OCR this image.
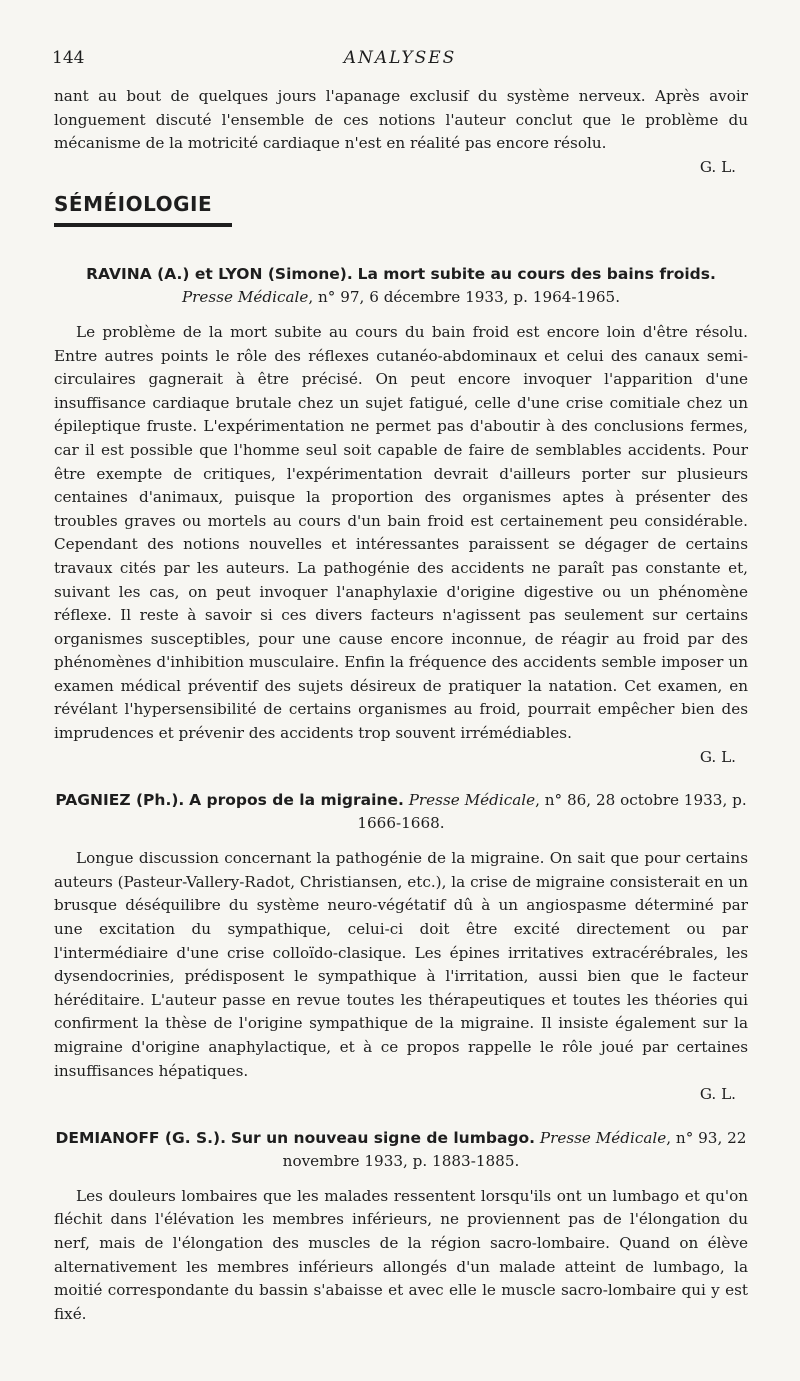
144	ANALYSES

nant au bout de quelques jours l'apanage exclusif du système nerveux. Après avoir longuement discuté l'ensemble de ces notions l'auteur conclut que le problème du mécanisme de la motricité cardiaque n'est en réalité pas encore résolu.

G. L.

SÉMÉIOLOGIE

RAVINA (A.) et LYON (Simone). La mort subite au cours des bains froids.
Presse Médicale, n° 97, 6 décembre 1933, p. 1964-1965.

Le problème de la mort subite au cours du bain froid est encore loin d'être résolu. Entre autres points le rôle des réflexes cutanéo-abdominaux et celui des canaux semi-circulaires gagnerait à être précisé. On peut encore invoquer l'apparition d'une insuffisance cardiaque brutale chez un sujet fatigué, celle d'une crise comitiale chez un épileptique fruste. L'expérimentation ne permet pas d'aboutir à des conclusions fermes, car il est possible que l'homme seul soit capable de faire de semblables accidents. Pour être exempte de critiques, l'expérimentation devrait d'ailleurs porter sur plusieurs centaines d'animaux, puisque la proportion des organismes aptes à présenter des troubles graves ou mortels au cours d'un bain froid est certainement peu considérable. Cependant des notions nouvelles et intéressantes paraissent se dégager de certains travaux cités par les auteurs. La pathogénie des accidents ne paraît pas constante et, suivant les cas, on peut invoquer l'anaphylaxie d'origine digestive ou un phénomène réflexe. Il reste à savoir si ces divers facteurs n'agissent pas seulement sur certains organismes susceptibles, pour une cause encore inconnue, de réagir au froid par des phénomènes d'inhibition musculaire. Enfin la fréquence des accidents semble imposer un examen médical préventif des sujets désireux de pratiquer la natation. Cet examen, en révélant l'hypersensibilité de certains organismes au froid, pourrait empêcher bien des imprudences et prévenir des accidents trop souvent irrémédiables.

G. L.

PAGNIEZ (Ph.). A propos de la migraine. Presse Médicale, n° 86, 28 octobre 1933, p. 1666-1668.

Longue discussion concernant la pathogénie de la migraine. On sait que pour certains auteurs (Pasteur-Vallery-Radot, Christiansen, etc.), la crise de migraine consisterait en un brusque déséquilibre du système neuro-végétatif dû à un angiospasme déterminé par une excitation du sympathique, celui-ci doit être excité directement ou par l'intermédiaire d'une crise colloïdo-clasique. Les épines irritatives extracérébrales, les dysendocrinies, prédisposent le sympathique à l'irritation, aussi bien que le facteur héréditaire. L'auteur passe en revue toutes les thérapeutiques et toutes les théories qui confirment la thèse de l'origine sympathique de la migraine. Il insiste également sur la migraine d'origine anaphylactique, et à ce propos rappelle le rôle joué par certaines insuffisances hépatiques.

G. L.

DEMIANOFF (G. S.). Sur un nouveau signe de lumbago. Presse Médicale, n° 93, 22 novembre 1933, p. 1883-1885.

Les douleurs lombaires que les malades ressentent lorsqu'ils ont un lumbago et qu'on fléchit dans l'élévation les membres inférieurs, ne proviennent pas de l'élongation du nerf, mais de l'élongation des muscles de la région sacro-lombaire. Quand on élève alternativement les membres inférieurs allongés d'un malade atteint de lumbago, la moitié correspondante du bassin s'abaisse et avec elle le muscle sacro-lombaire qui y est fixé.
